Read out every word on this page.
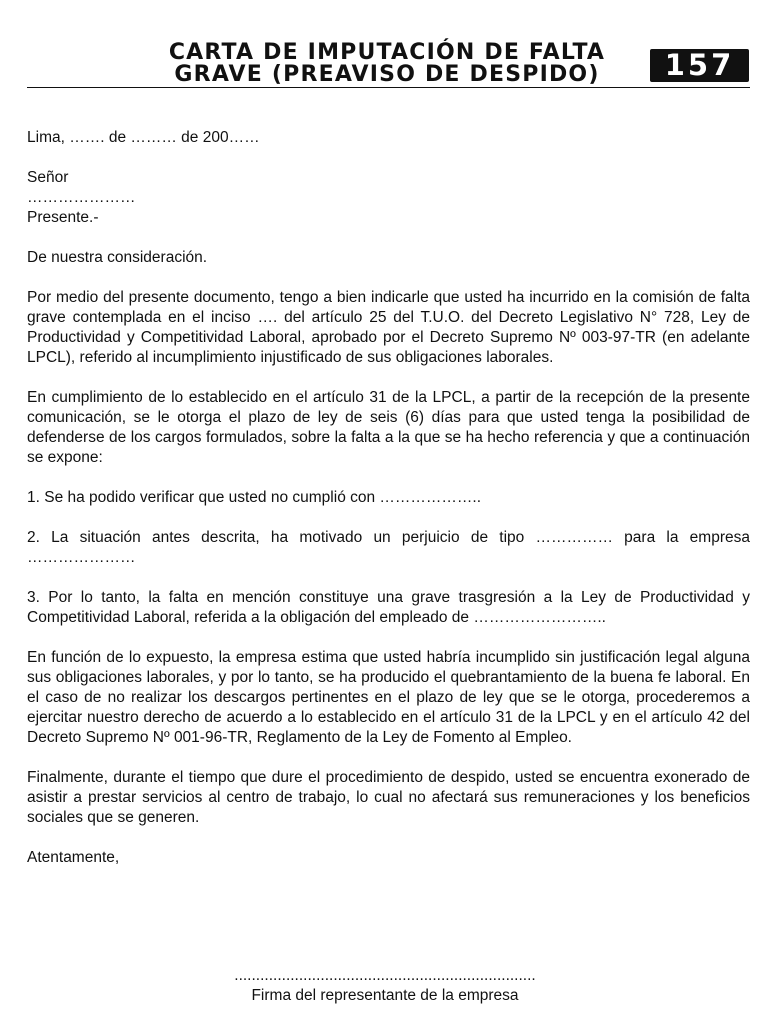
CARTA DE IMPUTACIÓN DE FALTA
GRAVE (PREAVISO DE DESPIDO)	157

Lima, ……. de ……… de 200……

Señor

…………………

Presente.-

De nuestra consideración.

Por medio del presente documento, tengo a bien indicarle que usted ha incurrido en la comisión de falta grave contemplada en el inciso …. del artículo 25 del T.U.O. del Decreto Legislativo N° 728, Ley de Productividad y Competitividad Laboral, aprobado por el Decreto Supremo Nº 003-97-TR (en adelante LPCL), referido al incumplimiento injustificado de sus obligaciones laborales.

En cumplimiento de lo establecido en el artículo 31 de la LPCL, a partir de la recepción de la presente comunicación, se le otorga el plazo de ley de seis (6) días para que usted tenga la posibilidad de defenderse de los cargos formulados, sobre la falta a la que se ha hecho referencia y que a continuación se expone:

1. Se ha podido verificar que usted no cumplió con ………………..

2. La situación antes descrita, ha motivado un perjuicio de tipo …………… para la empresa …………………

3. Por lo tanto, la falta en mención constituye una grave trasgresión a la Ley de Productividad y Competitividad Laboral, referida a la obligación del empleado de ……………………..

En función de lo expuesto, la empresa estima que usted habría incumplido sin justificación legal alguna sus obligaciones laborales, y por lo tanto, se ha producido el quebrantamiento de la buena fe laboral. En el caso de no realizar los descargos pertinentes en el plazo de ley que se le otorga, procederemos a ejercitar nuestro derecho de acuerdo a lo establecido en el artículo 31 de la LPCL y en el artículo 42 del Decreto Supremo Nº 001-96-TR, Reglamento de la Ley de Fomento al Empleo.

Finalmente, durante el tiempo que dure el procedimiento de despido, usted se encuentra exonerado de asistir a prestar servicios al centro de trabajo, lo cual no afectará sus remuneraciones y los beneficios sociales que se generen.

Atentamente,

......................................................................
Firma del representante de la empresa
